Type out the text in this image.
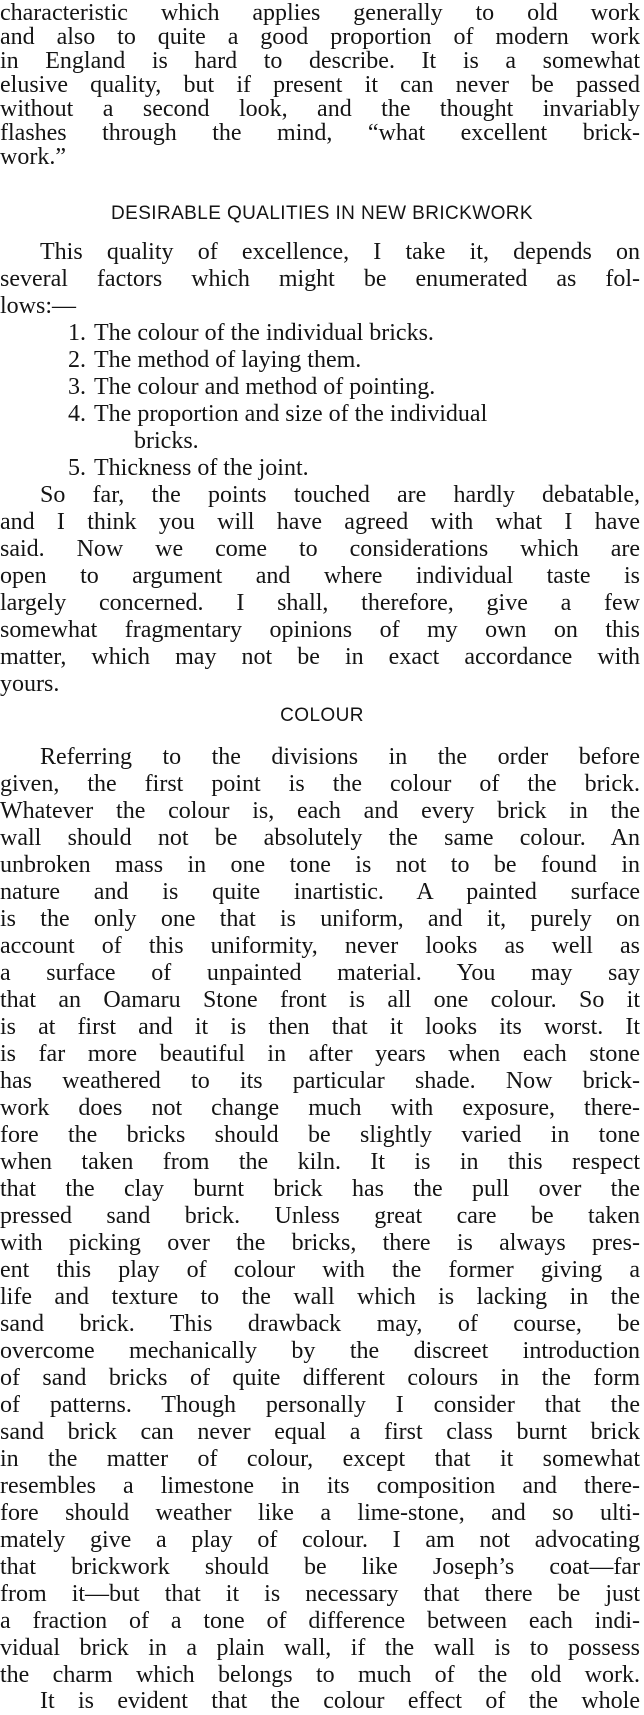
characteristic which applies generally to old work
and also to quite a good proportion of modern work
in England is hard to describe. It is a somewhat
elusive quality, but if present it can never be passed
without a second look, and the thought invariably
flashes through the mind, “what excellent brick-
work.”
DESIRABLE QUALITIES IN NEW BRICKWORK
This quality of excellence, I take it, depends on
several factors which might be enumerated as fol-
lows:—
1. The colour of the individual bricks.
2. The method of laying them.
3. The colour and method of pointing.
4. The proportion and size of the individual
bricks.
5. Thickness of the joint.
So far, the points touched are hardly debatable,
and I think you will have agreed with what I have
said. Now we come to considerations which are
open to argument and where individual taste is
largely concerned. I shall, therefore, give a few
somewhat fragmentary opinions of my own on this
matter, which may not be in exact accordance with
yours.
COLOUR
Referring to the divisions in the order before
given, the first point is the colour of the brick.
Whatever the colour is, each and every brick in the
wall should not be absolutely the same colour. An
unbroken mass in one tone is not to be found in
nature and is quite inartistic. A painted surface
is the only one that is uniform, and it, purely on
account of this uniformity, never looks as well as
a surface of unpainted material. You may say
that an Oamaru Stone front is all one colour. So it
is at first and it is then that it looks its worst. It
is far more beautiful in after years when each stone
has weathered to its particular shade. Now brick-
work does not change much with exposure, there-
fore the bricks should be slightly varied in tone
when taken from the kiln. It is in this respect
that the clay burnt brick has the pull over the
pressed sand brick. Unless great care be taken
with picking over the bricks, there is always pres-
ent this play of colour with the former giving a
life and texture to the wall which is lacking in the
sand brick. This drawback may, of course, be
overcome mechanically by the discreet introduction
of sand bricks of quite different colours in the form
of patterns. Though personally I consider that the
sand brick can never equal a first class burnt brick
in the matter of colour, except that it somewhat
resembles a limestone in its composition and there-
fore should weather like a lime-stone, and so ulti-
mately give a play of colour. I am not advocating
that brickwork should be like Joseph’s coat—far
from it—but that it is necessary that there be just
a fraction of a tone of difference between each indi-
vidual brick in a plain wall, if the wall is to possess
the charm which belongs to much of the old work.
It is evident that the colour effect of the whole
